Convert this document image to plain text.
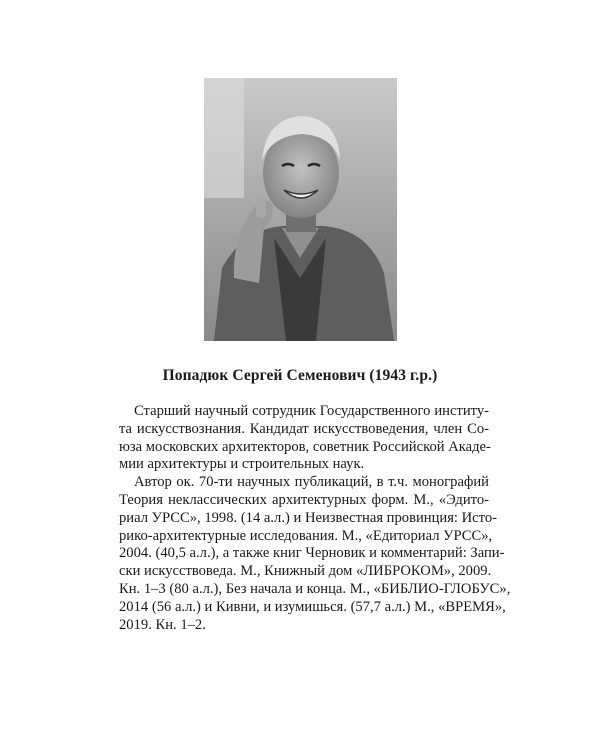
Попадюк Сергей Семенович (1943 г.р.)
Старший научный сотрудник Государственного институ-
та искусствознания. Кандидат искусствоведения, член Со-
юза московских архитекторов, советник Российской Акаде-
мии архитектуры и строительных наук.
Автор ок. 70-ти научных публикаций, в т.ч. монографий
Теория неклассических архитектурных форм. М., «Эдито-
риал УРСС», 1998. (14 а.л.) и Неизвестная провинция: Исто-
рико-архитектурные исследования. М., «Едиториал УРСС»,
2004. (40,5 а.л.), а также книг Черновик и комментарий: Запи-
ски искусствоведа. М., Книжный дом «ЛИБРОКОМ», 2009.
Кн. 1–3 (80 а.л.), Без начала и конца. М., «БИБЛИО-ГЛОБУС»,
2014 (56 а.л.) и Кивни, и изумишься. (57,7 а.л.) М., «ВРЕМЯ»,
2019. Кн. 1–2.
